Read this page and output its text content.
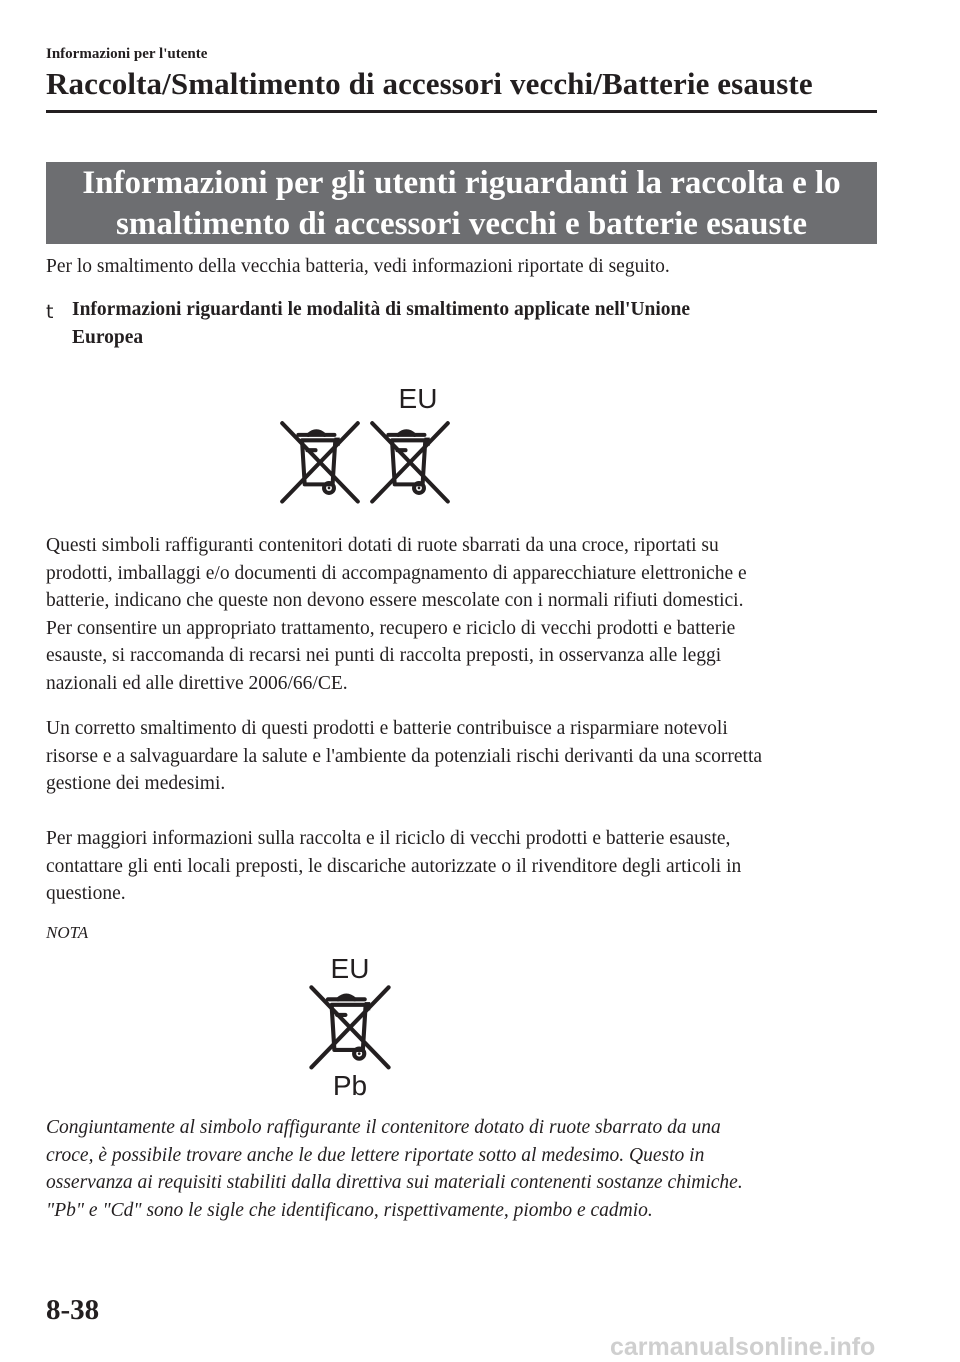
Informazioni per l'utente
Raccolta/Smaltimento di accessori vecchi/Batterie esauste
Informazioni per gli utenti riguardanti la raccolta e lo
smaltimento di accessori vecchi e batterie esauste
Per lo smaltimento della vecchia batteria, vedi informazioni riportate di seguito.
t Informazioni riguardanti le modalità di smaltimento applicate nell'Unione
Europea
EU
Questi simboli raffiguranti contenitori dotati di ruote sbarrati da una croce, riportati su
prodotti, imballaggi e/o documenti di accompagnamento di apparecchiature elettroniche e
batterie, indicano che queste non devono essere mescolate con i normali rifiuti domestici.
Per consentire un appropriato trattamento, recupero e riciclo di vecchi prodotti e batterie
esauste, si raccomanda di recarsi nei punti di raccolta preposti, in osservanza alle leggi
nazionali ed alle direttive 2006/66/CE.
Un corretto smaltimento di questi prodotti e batterie contribuisce a risparmiare notevoli
risorse e a salvaguardare la salute e l'ambiente da potenziali rischi derivanti da una scorretta
gestione dei medesimi.
Per maggiori informazioni sulla raccolta e il riciclo di vecchi prodotti e batterie esauste,
contattare gli enti locali preposti, le discariche autorizzate o il rivenditore degli articoli in
questione.
NOTA
EU
Pb
Congiuntamente al simbolo raffigurante il contenitore dotato di ruote sbarrato da una
croce, è possibile trovare anche le due lettere riportate sotto al medesimo. Questo in
osservanza ai requisiti stabiliti dalla direttiva sui materiali contenenti sostanze chimiche.
"Pb" e "Cd" sono le sigle che identificano, rispettivamente, piombo e cadmio.
8-38
carmanualsonline.info
